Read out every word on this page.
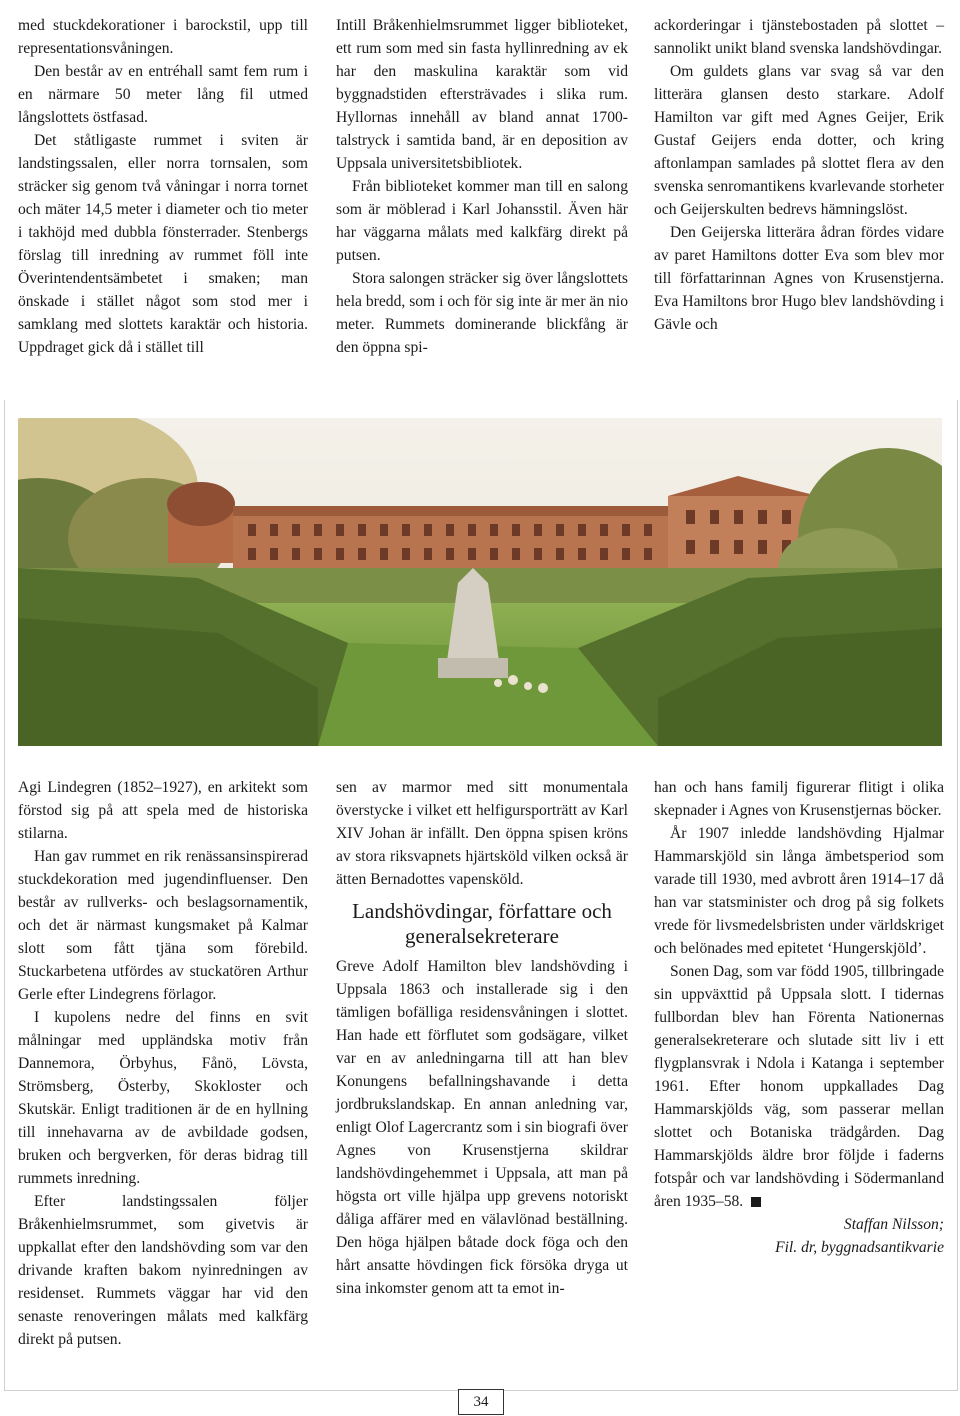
med stuckdekorationer i barockstil, upp till representationsvåningen.

Den består av en entréhall samt fem rum i en närmare 50 meter lång fil utmed långslottets östfasad.

Det ståtligaste rummet i sviten är landstingssalen, eller norra tornsalen, som sträcker sig genom två våningar i norra tornet och mäter 14,5 meter i diameter och tio meter i takhöjd med dubbla fönsterrader. Stenbergs förslag till inredning av rummet föll inte Överintendentsämbetet i smaken; man önskade i stället något som stod mer i samklang med slottets karaktär och historia. Uppdraget gick då i stället till

Intill Bråkenhielmsrummet ligger biblioteket, ett rum som med sin fasta hyllinredning av ek har den maskulina karaktär som vid byggnadstiden eftersträvades i slika rum. Hyllornas innehåll av bland annat 1700-talstryck i samtida band, är en deposition av Uppsala universitetsbibliotek.

Från biblioteket kommer man till en salong som är möblerad i Karl Johansstil. Även här har väggarna målats med kalkfärg direkt på putsen.

Stora salongen sträcker sig över långslottets hela bredd, som i och för sig inte är mer än nio meter. Rummets dominerande blickfång är den öppna spi-

ackorderingar i tjänstebostaden på slottet – sannolikt unikt bland svenska landshövdingar.

Om guldets glans var svag så var den litterära glansen desto starkare. Adolf Hamilton var gift med Agnes Geijer, Erik Gustaf Geijers enda dotter, och kring aftonlampan samlades på slottet flera av den svenska senromantikens kvarlevande storheter och Geijerskulten bedrevs hämningslöst.

Den Geijerska litterära ådran fördes vidare av paret Hamiltons dotter Eva som blev mor till författarinnan Agnes von Krusenstjerna. Eva Hamiltons bror Hugo blev landshövding i Gävle och

Agi Lindegren (1852–1927), en arkitekt som förstod sig på att spela med de historiska stilarna.

Han gav rummet en rik renässansinspirerad stuckdekoration med jugendinfluenser. Den består av rullverks- och beslagsornamentik, och det är närmast kungsmaket på Kalmar slott som fått tjäna som förebild. Stuckarbetena utfördes av stuckatören Arthur Gerle efter Lindegrens förlagor.

I kupolens nedre del finns en svit målningar med uppländska motiv från Dannemora, Örbyhus, Fånö, Lövsta, Strömsberg, Österby, Skokloster och Skutskär. Enligt traditionen är de en hyllning till innehavarna av de avbildade godsen, bruken och bergverken, för deras bidrag till rummets inredning.

Efter landstingssalen följer Bråkenhielmsrummet, som givetvis är uppkallat efter den landshövding som var den drivande kraften bakom nyinredningen av residenset. Rummets väggar har vid den senaste renoveringen målats med kalkfärg direkt på putsen.

sen av marmor med sitt monumentala överstycke i vilket ett helfigursporträtt av Karl XIV Johan är infällt. Den öppna spisen kröns av stora riksvapnets hjärtsköld vilken också är ätten Bernadottes vapensköld.

Landshövdingar, författare och generalsekreterare

Greve Adolf Hamilton blev landshövding i Uppsala 1863 och installerade sig i den tämligen bofälliga residensvåningen i slottet. Han hade ett förflutet som godsägare, vilket var en av anledningarna till att han blev Konungens befallningshavande i detta jordbrukslandskap. En annan anledning var, enligt Olof Lagercrantz som i sin biografi över Agnes von Krusenstjerna skildrar landshövdingehemmet i Uppsala, att man på högsta ort ville hjälpa upp grevens notoriskt dåliga affärer med en välavlönad beställning. Den höga hjälpen båtade dock föga och den hårt ansatte hövdingen fick försöka dryga ut sina inkomster genom att ta emot in-

han och hans familj figurerar flitigt i olika skepnader i Agnes von Krusenstjernas böcker.

År 1907 inledde landshövding Hjalmar Hammarskjöld sin långa ämbetsperiod som varade till 1930, med avbrott åren 1914–17 då han var statsminister och drog på sig folkets vrede för livsmedelsbristen under världskriget och belönades med epitetet ‘Hungerskjöld’.

Sonen Dag, som var född 1905, tillbringade sin uppväxttid på Uppsala slott. I tidernas fullbordan blev han Förenta Nationernas generalsekreterare och slutade sitt liv i ett flygplansvrak i Ndola i Katanga i september 1961. Efter honom uppkallades Dag Hammarskjölds väg, som passerar mellan slottet och Botaniska trädgården. Dag Hammarskjölds äldre bror följde i faderns fotspår och var landshövding i Södermanland åren 1935–58.

Staffan Nilsson;

Fil. dr, byggnadsantikvarie

34
